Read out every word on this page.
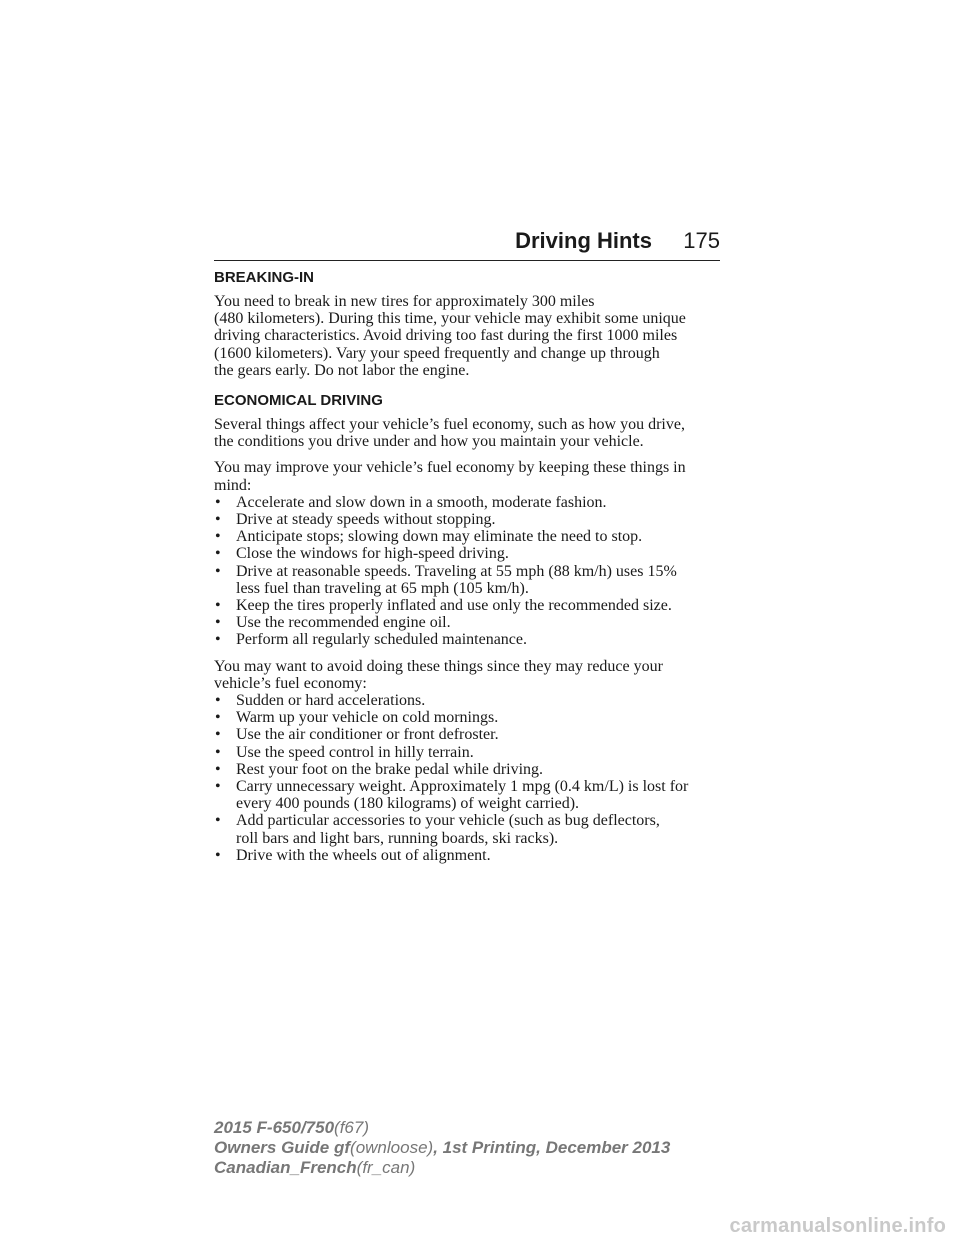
Driving Hints 175
BREAKING-IN

You need to break in new tires for approximately 300 miles
(480 kilometers). During this time, your vehicle may exhibit some unique
driving characteristics. Avoid driving too fast during the first 1000 miles
(1600 kilometers). Vary your speed frequently and change up through
the gears early. Do not labor the engine.

ECONOMICAL DRIVING

Several things affect your vehicle’s fuel economy, such as how you drive,
the conditions you drive under and how you maintain your vehicle.

You may improve your vehicle’s fuel economy by keeping these things in
mind:

• Accelerate and slow down in a smooth, moderate fashion.
• Drive at steady speeds without stopping.
• Anticipate stops; slowing down may eliminate the need to stop.
• Close the windows for high-speed driving.
• Drive at reasonable speeds. Traveling at 55 mph (88 km/h) uses 15%
less fuel than traveling at 65 mph (105 km/h).
• Keep the tires properly inflated and use only the recommended size.
• Use the recommended engine oil.
• Perform all regularly scheduled maintenance.

You may want to avoid doing these things since they may reduce your
vehicle’s fuel economy:

• Sudden or hard accelerations.
• Warm up your vehicle on cold mornings.
• Use the air conditioner or front defroster.
• Use the speed control in hilly terrain.
• Rest your foot on the brake pedal while driving.
• Carry unnecessary weight. Approximately 1 mpg (0.4 km/L) is lost for
every 400 pounds (180 kilograms) of weight carried).
• Add particular accessories to your vehicle (such as bug deflectors,
roll bars and light bars, running boards, ski racks).
• Drive with the wheels out of alignment.
2015 F-650/750(f67)
Owners Guide gf(ownloose), 1st Printing, December 2013
Canadian_French(fr_can)
carmanualsonline.info
